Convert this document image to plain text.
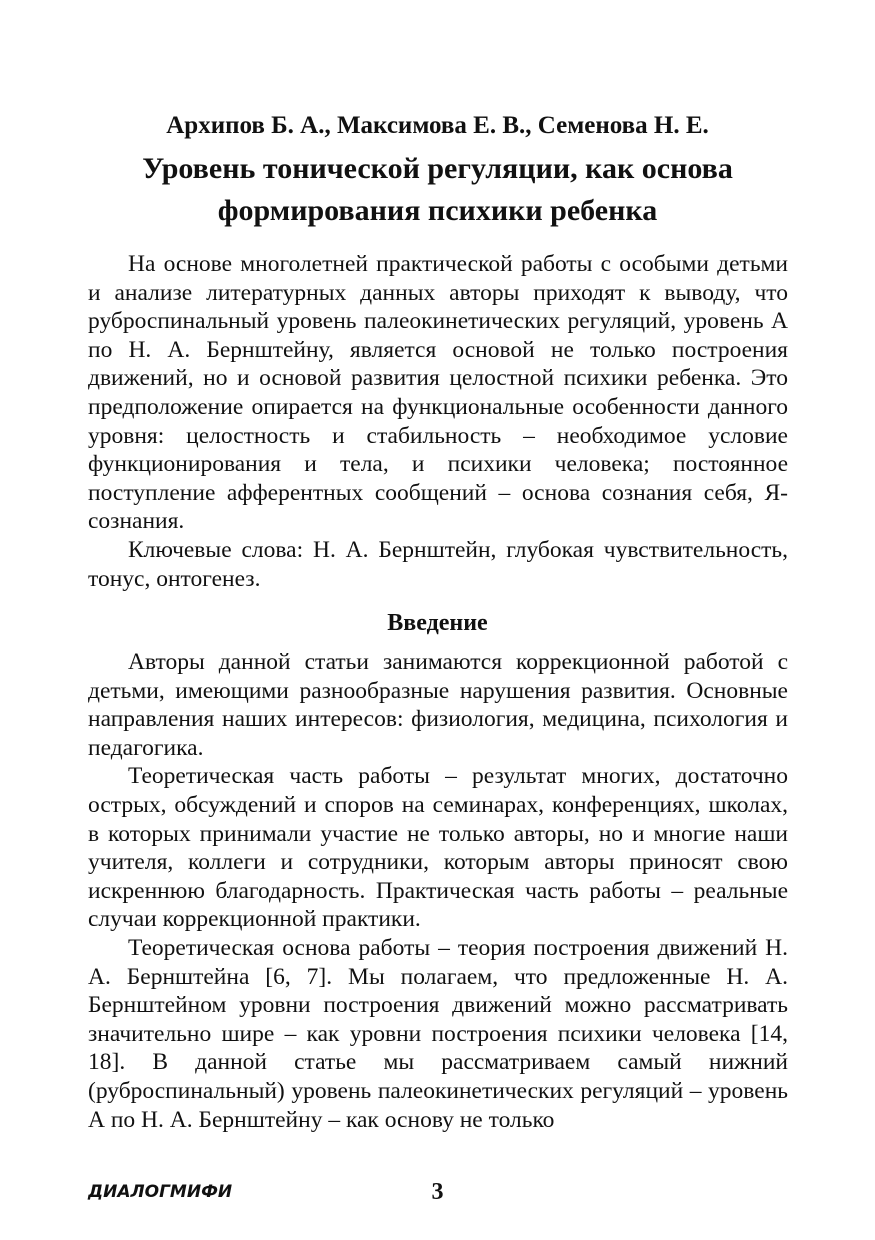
Архипов Б. А., Максимова Е. В., Семенова Н. Е.
Уровень тонической регуляции, как основа
формирования психики ребенка

На основе многолетней практической работы с особыми детьми и анализе литературных данных авторы приходят к выводу, что руброспинальный уровень палеокинетических регуляций, уровень А по Н. А. Бернштейну, является основой не только построения движений, но и основой развития целостной психики ребенка. Это предположение опирается на функциональные особенности данного уровня: целостность и стабильность – необходимое условие функционирования и тела, и психики человека; постоянное поступление афферентных сообщений – основа сознания себя, Я-сознания.

Ключевые слова: Н. А. Бернштейн, глубокая чувствительность, тонус, онтогенез.

Введение

Авторы данной статьи занимаются коррекционной работой с детьми, имеющими разнообразные нарушения развития. Основные направления наших интересов: физиология, медицина, психология и педагогика.

Теоретическая часть работы – результат многих, достаточно острых, обсуждений и споров на семинарах, конференциях, школах, в которых принимали участие не только авторы, но и многие наши учителя, коллеги и сотрудники, которым авторы приносят свою искреннюю благодарность. Практическая часть работы – реальные случаи коррекционной практики.

Теоретическая основа работы – теория построения движений Н. А. Бернштейна [6, 7]. Мы полагаем, что предложенные Н. А. Бернштейном уровни построения движений можно рассматривать значительно шире – как уровни построения психики человека [14, 18]. В данной статье мы рассматриваем самый нижний (руброспинальный) уровень палеокинетических регуляций – уровень А по Н. А. Бернштейну – как основу не только

ДИАЛОГМИФИ	3
